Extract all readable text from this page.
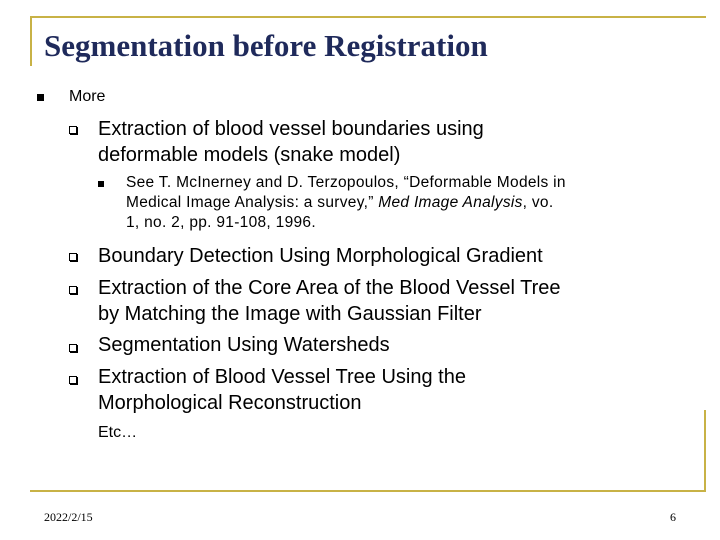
Segmentation before Registration
More
Extraction of blood vessel boundaries using
deformable models (snake model)
See T. McInerney and D. Terzopoulos, “Deformable Models in
Medical Image Analysis: a survey,” Med Image Analysis, vo.
1, no. 2, pp. 91-108, 1996.
Boundary Detection Using Morphological Gradient
Extraction of the Core Area of the Blood Vessel Tree
by Matching the Image with Gaussian Filter
Segmentation Using Watersheds
Extraction of Blood Vessel Tree Using the
Morphological Reconstruction
Etc…
2022/2/15	6
